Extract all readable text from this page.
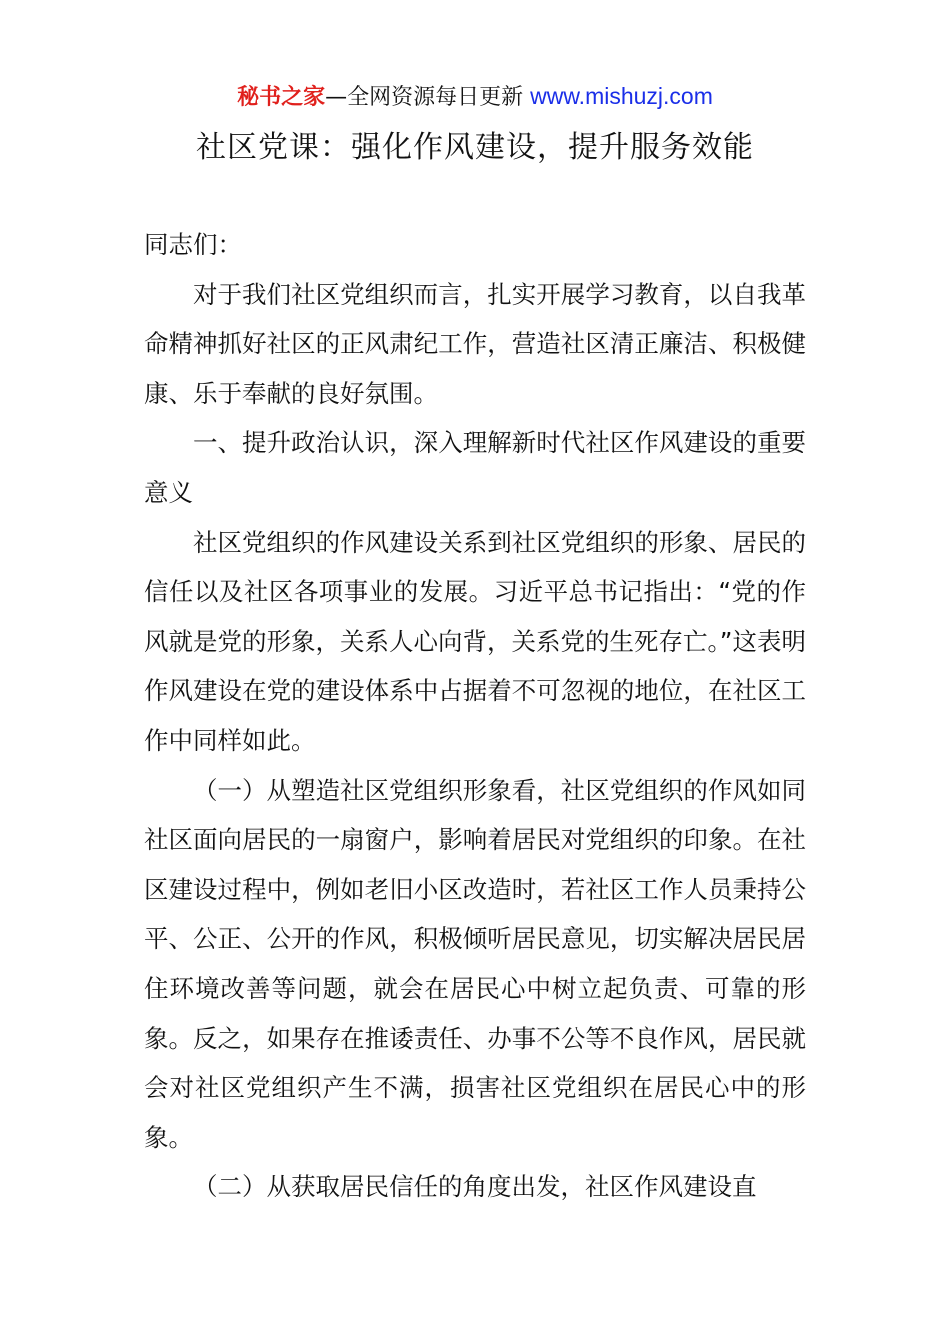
秘书之家—全网资源每日更新 www.mishuzj.com
社区党课：强化作风建设，提升服务效能

同志们：

对于我们社区党组织而言，扎实开展学习教育，以自我革命精神抓好社区的正风肃纪工作，营造社区清正廉洁、积极健康、乐于奉献的良好氛围。

一、提升政治认识，深入理解新时代社区作风建设的重要意义

社区党组织的作风建设关系到社区党组织的形象、居民的信任以及社区各项事业的发展。习近平总书记指出：“党的作风就是党的形象，关系人心向背，关系党的生死存亡。”这表明作风建设在党的建设体系中占据着不可忽视的地位，在社区工作中同样如此。

（一）从塑造社区党组织形象看，社区党组织的作风如同社区面向居民的一扇窗户，影响着居民对党组织的印象。在社区建设过程中，例如老旧小区改造时，若社区工作人员秉持公平、公正、公开的作风，积极倾听居民意见，切实解决居民居住环境改善等问题，就会在居民心中树立起负责、可靠的形象。反之，如果存在推诿责任、办事不公等不良作风，居民就会对社区党组织产生不满，损害社区党组织在居民心中的形象。

（二）从获取居民信任的角度出发，社区作风建设直
